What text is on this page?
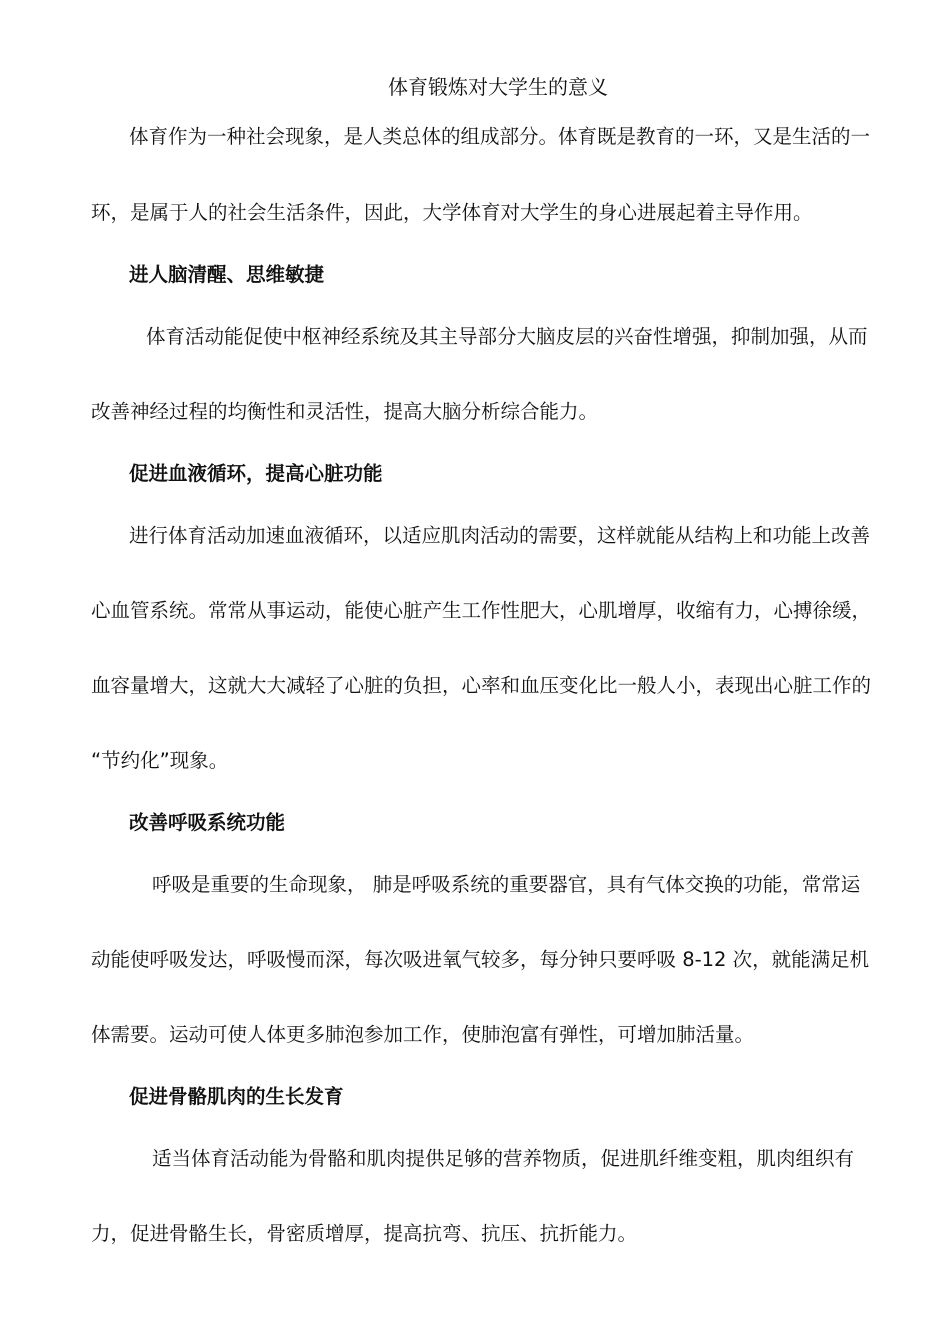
体育锻炼对大学生的意义
体育作为一种社会现象，是人类总体的组成部分。体育既是教育的一环，又是生活的一
环，是属于人的社会生活条件，因此，大学体育对大学生的身心进展起着主导作用。
进人脑清醒、思维敏捷
体育活动能促使中枢神经系统及其主导部分大脑皮层的兴奋性增强，抑制加强，从而
改善神经过程的均衡性和灵活性，提高大脑分析综合能力。
促进血液循环，提高心脏功能
进行体育活动加速血液循环，以适应肌肉活动的需要，这样就能从结构上和功能上改善
心血管系统。常常从事运动，能使心脏产生工作性肥大，心肌增厚，收缩有力，心搏徐缓，
血容量增大，这就大大减轻了心脏的负担，心率和血压变化比一般人小，表现出心脏工作的
“节约化”现象。
改善呼吸系统功能
呼吸是重要的生命现象， 肺是呼吸系统的重要器官，具有气体交换的功能，常常运
动能使呼吸发达，呼吸慢而深，每次吸进氧气较多，每分钟只要呼吸 8-12 次，就能满足机
体需要。运动可使人体更多肺泡参加工作，使肺泡富有弹性，可增加肺活量。
促进骨骼肌肉的生长发育
适当体育活动能为骨骼和肌肉提供足够的营养物质，促进肌纤维变粗，肌肉组织有
力，促进骨骼生长，骨密质增厚，提高抗弯、抗压、抗折能力。
